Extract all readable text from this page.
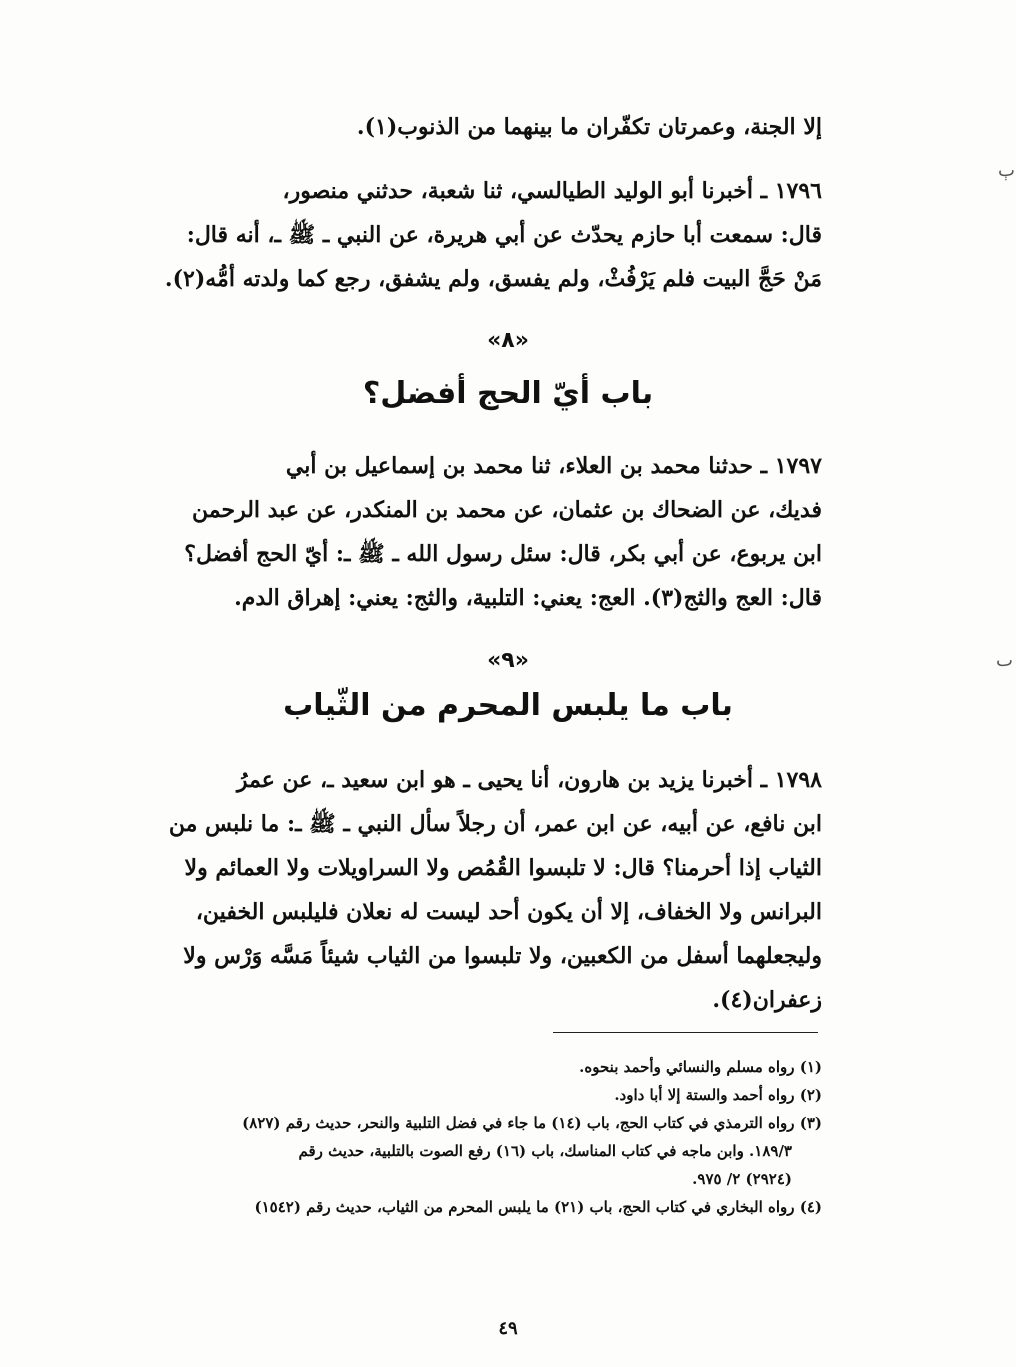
إلا الجنة، وعمرتان تكفّران ما بينهما من الذنوب(١).
١٧٩٦ ـ أخبرنا أبو الوليد الطيالسي، ثنا شعبة، حدثني منصور،
قال: سمعت أبا حازم يحدّث عن أبي هريرة، عن النبي ـ ﷺ ـ، أنه قال:
مَنْ حَجَّ البيت فلم يَرْفُثْ، ولم يفسق، ولم يشفق، رجع كما ولدته أمُّه(٢).
«٨»
باب أيّ الحج أفضل؟
١٧٩٧ ـ حدثنا محمد بن العلاء، ثنا محمد بن إسماعيل بن أبي
فديك، عن الضحاك بن عثمان، عن محمد بن المنكدر، عن عبد الرحمن
ابن يربوع، عن أبي بكر، قال: سئل رسول الله ـ ﷺ ـ: أيّ الحج أفضل؟
قال: العج والثج(٣). العج: يعني: التلبية، والثج: يعني: إهراق الدم.
«٩»
باب ما يلبس المحرم من الثّياب
١٧٩٨ ـ أخبرنا يزيد بن هارون، أنا يحيى ـ هو ابن سعيد ـ، عن عمرُ
ابن نافع، عن أبيه، عن ابن عمر، أن رجلاً سأل النبي ـ ﷺ ـ: ما نلبس من
الثياب إذا أحرمنا؟ قال: لا تلبسوا القُمُص ولا السراويلات ولا العمائم ولا
البرانس ولا الخفاف، إلا أن يكون أحد ليست له نعلان فليلبس الخفين،
وليجعلهما أسفل من الكعبين، ولا تلبسوا من الثياب شيئاً مَسَّه وَرْس ولا
زعفران(٤).
(١) رواه مسلم والنسائي وأحمد بنحوه.
(٢) رواه أحمد والستة إلا أبا داود.
(٣) رواه الترمذي في كتاب الحج، باب (١٤) ما جاء في فضل التلبية والنحر، حديث رقم (٨٢٧)
١٨٩/٣. وابن ماجه في كتاب المناسك، باب (١٦) رفع الصوت بالتلبية، حديث رقم
(٢٩٢٤) ٢/ ٩٧٥.
(٤) رواه البخاري في كتاب الحج، باب (٢١) ما يلبس المحرم من الثياب، حديث رقم (١٥٤٢)
٤٩
ٻ
ٮ
